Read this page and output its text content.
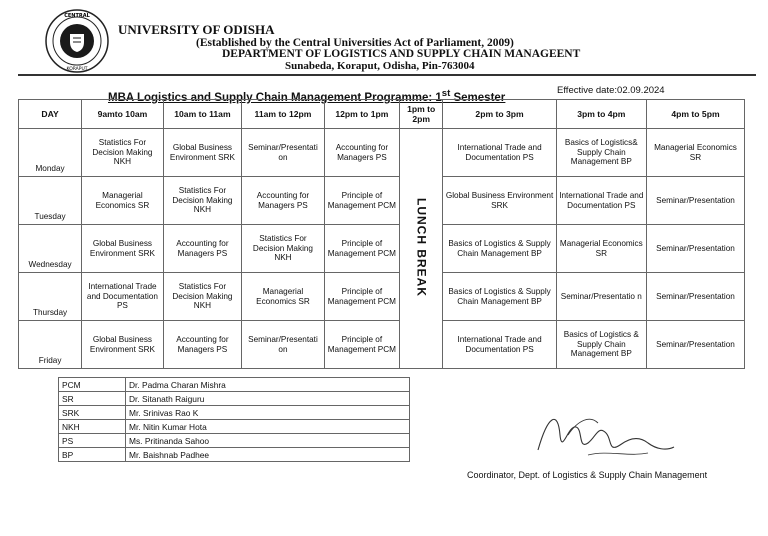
CENTRAL
KORAPUT
UNIVERSITY OF ODISHA
(Established by the Central Universities Act of Parliament, 2009)
DEPARTMENT OF LOGISTICS AND SUPPLY CHAIN MANAGEENT
Sunabeda, Koraput, Odisha, Pin-763004
MBA Logistics and Supply Chain Management Programme: 1st Semester
Effective date:02.09.2024
DAY	9amto 10am	10am to 11am	11am to 12pm	12pm to 1pm	1pm to 2pm	2pm to 3pm	3pm to 4pm	4pm to 5pm
Monday	Statistics For Decision Making NKH	Global Business Environment SRK	Seminar/Presentati on	Accounting for Managers PS	LUNCH BREAK	International Trade and Documentation PS	Basics of Logistics& Supply Chain Management BP	Managerial Economics SR
Tuesday	Managerial Economics SR	Statistics For Decision Making NKH	Accounting for Managers PS	Principle of Management PCM		Global Business Environment SRK	International Trade and Documentation PS	Seminar/Presentation
Wednesday	Global Business Environment SRK	Accounting for Managers PS	Statistics For Decision Making NKH	Principle of Management PCM		Basics of Logistics & Supply Chain Management BP	Managerial Economics SR	Seminar/Presentation
Thursday	International Trade and Documentation PS	Statistics For Decision Making NKH	Managerial Economics SR	Principle of Management PCM		Basics of Logistics & Supply Chain Management BP	Seminar/Presentatio n	Seminar/Presentation
Friday	Global Business Environment SRK	Accounting for Managers PS	Seminar/Presentati on	Principle of Management PCM		International Trade and Documentation PS	Basics of Logistics & Supply Chain Management BP	Seminar/Presentation
PCM	Dr. Padma Charan Mishra
SR	Dr. Sitanath Raiguru
SRK	Mr. Srinivas Rao K
NKH	Mr. Nitin Kumar Hota
PS	Ms. Pritinanda Sahoo
BP	Mr. Baishnab Padhee
Coordinator, Dept. of Logistics & Supply Chain Management
